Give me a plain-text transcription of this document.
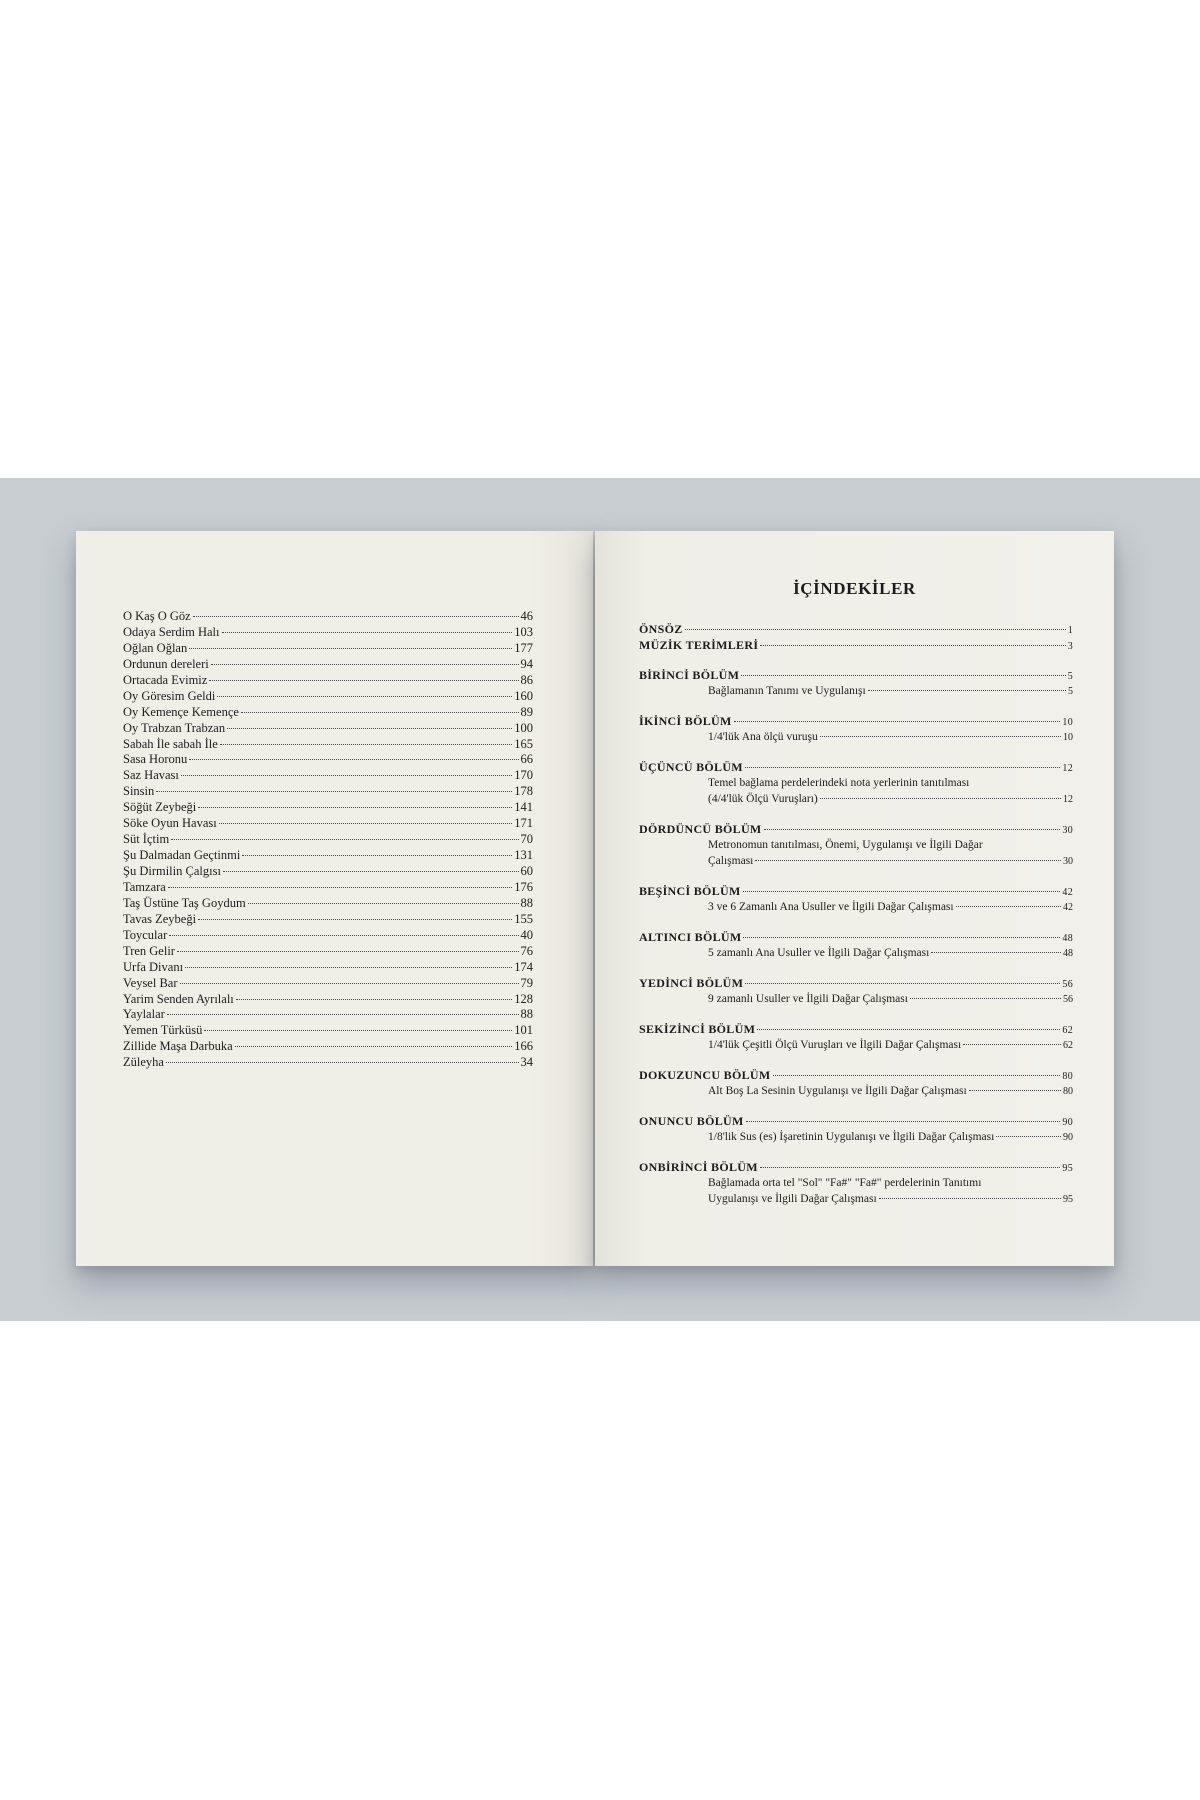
O Kaş O Göz	46
Odaya Serdim Halı	103
Oğlan Oğlan	177
Ordunun dereleri	94
Ortacada Evimiz	86
Oy Göresim Geldi	160
Oy Kemençe Kemençe	89
Oy Trabzan Trabzan	100
Sabah İle sabah İle	165
Sasa Horonu	66
Saz Havası	170
Sinsin	178
Söğüt Zeybeği	141
Söke Oyun Havası	171
Süt İçtim	70
Şu Dalmadan Geçtinmi	131
Şu Dirmilin Çalgısı	60
Tamzara	176
Taş Üstüne Taş Goydum	88
Tavas Zeybeği	155
Toycular	40
Tren Gelir	76
Urfa Divanı	174
Veysel Bar	79
Yarim Senden Ayrılalı	128
Yaylalar	88
Yemen Türküsü	101
Zillide Maşa Darbuka	166
Züleyha	34
İÇİNDEKİLER
ÖNSÖZ	1
MÜZİK TERİMLERİ	3
BİRİNCİ BÖLÜM	5
Bağlamanın Tanımı ve Uygulanışı	5
İKİNCİ BÖLÜM	10
1/4'lük Ana ölçü vuruşu	10
ÜÇÜNCÜ BÖLÜM	12
Temel bağlama perdelerindeki nota yerlerinin tanıtılması
(4/4'lük Ölçü Vuruşları)	12
DÖRDÜNCÜ BÖLÜM	30
Metronomun tanıtılması, Önemi, Uygulanışı ve İlgili Dağar
Çalışması	30
BEŞİNCİ BÖLÜM	42
3 ve 6 Zamanlı Ana Usuller ve İlgili Dağar Çalışması	42
ALTINCI BÖLÜM	48
5 zamanlı Ana Usuller ve İlgili Dağar Çalışması	48
YEDİNCİ BÖLÜM	56
9 zamanlı Usuller ve İlgili Dağar Çalışması	56
SEKİZİNCİ BÖLÜM	62
1/4'lük Çeşitli Ölçü Vuruşları ve İlgili Dağar Çalışması	62
DOKUZUNCU BÖLÜM	80
Alt Boş La Sesinin Uygulanışı ve İlgili Dağar Çalışması	80
ONUNCU BÖLÜM	90
1/8'lik Sus (es) İşaretinin Uygulanışı ve İlgili Dağar Çalışması	90
ONBİRİNCİ BÖLÜM	95
Bağlamada orta tel "Sol" "Fa#" "Fa#" perdelerinin Tanıtımı
Uygulanışı ve İlgili Dağar Çalışması	95
